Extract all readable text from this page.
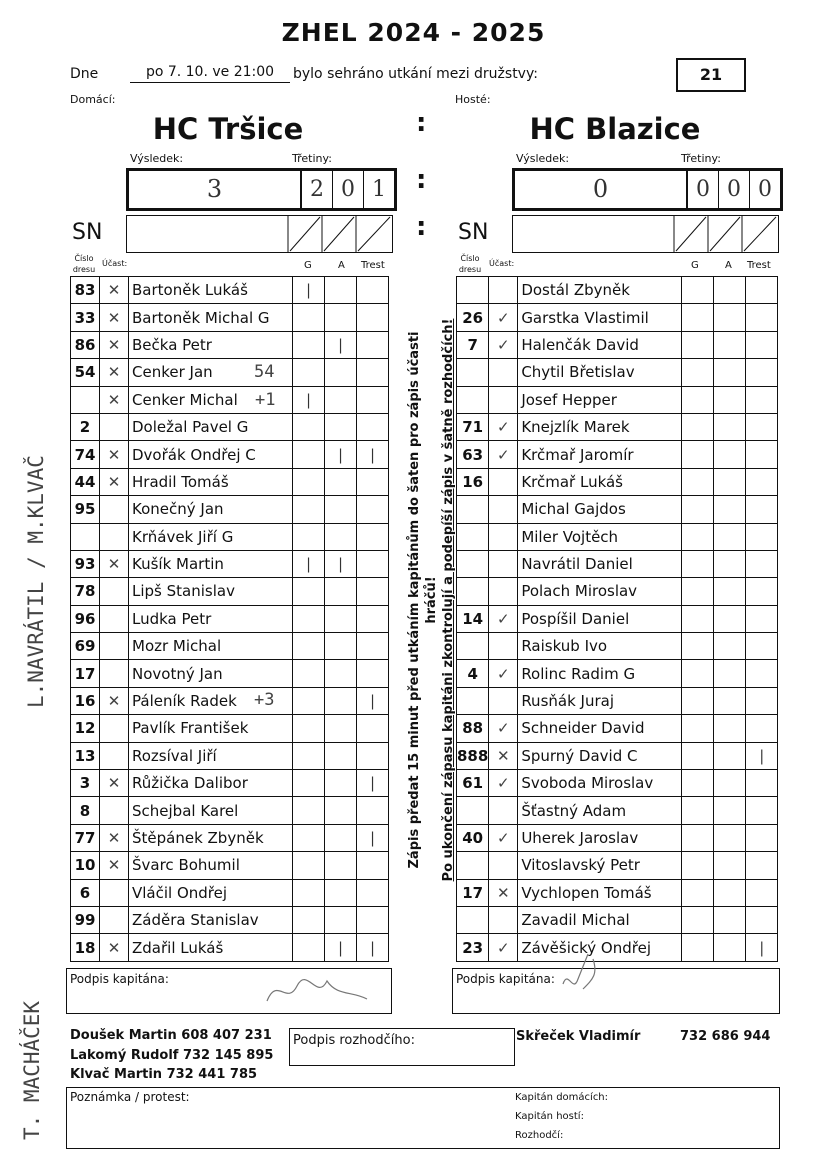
ZHEL 2024 - 2025
Dne	po 7. 10. ve 21:00	bylo sehráno utkání mezi družstvy:	21
Domácí:	Hosté:
HC Tršice	HC Blazice
:
Výsledek:	Třetiny:	Výsledek:	Třetiny:
3	2 0 1	:	0	0 0 0
SN	: SN
Číslo dresu
Účast:	G	A Trest
Číslo dresu
Účast:	G	A Trest
83	✕	Bartoněk Lukáš	|		
33	✕	Bartoněk Michal G			
86	✕	Bečka Petr		|	
54	✕	Cenker Jan			
	✕	Cenker Michal	|		
2		Doležal Pavel G			
74	✕	Dvořák Ondřej C		|	|
44	✕	Hradil Tomáš			
95		Konečný Jan			
		Krňávek Jiří G			
93	✕	Kušík Martin	|	|	
78		Lipš Stanislav			
96		Ludka Petr			
69		Mozr Michal			
17		Novotný Jan			
16	✕	Páleník Radek			|
12		Pavlík František			
13		Rozsíval Jiří			
3	✕	Růžička Dalibor			|
8		Schejbal Karel			
77	✕	Štěpánek Zbyněk			|
10	✕	Švarc Bohumil			
6		Vláčil Ondřej			
99		Záděra Stanislav			
18	✕	Zdařil Lukáš		|	|
		Dostál Zbyněk			
26	✓	Garstka Vlastimil			
7	✓	Halenčák David			
		Chytil Břetislav			
		Josef Hepper			
71	✓	Knejzlík Marek			
63	✓	Krčmař Jaromír			
16		Krčmař Lukáš			
		Michal Gajdos			
		Miler Vojtěch			
		Navrátil Daniel			
		Polach Miroslav			
14	✓	Pospíšil Daniel			
		Raiskub Ivo			
4	✓	Rolinc Radim G			
		Rusňák Juraj			
88	✓	Schneider David			
888	✕	Spurný David C			|
61	✓	Svoboda Miroslav			
		Šťastný Adam			
40	✓	Uherek Jaroslav			
		Vitoslavský Petr			
17	✕	Vychlopen Tomáš			
		Zavadil Michal			
23	✓	Závěšický Ondřej			|
54
+1
+3	Zápis předat 15 minut před utkáním kapitánům do šaten pro zápis účasti hráčů! Po ukončení zápasu kapitáni zkontrolují a podepíší zápis v šatně rozhodčích!
L.NAVRÁTIL / M.KLVAČ
T. MACHÁČEK
Podpis kapitána:	Podpis kapitána:
Doušek Martin 608 407 231
Lakomý Rudolf 732 145 895
Klvač Martin 732 441 785
Podpis rozhodčího:	Skřeček Vladimír	732 686 944
Poznámka / protest:	Kapitán domácích:
Kapitán hostí:
Rozhodčí:
